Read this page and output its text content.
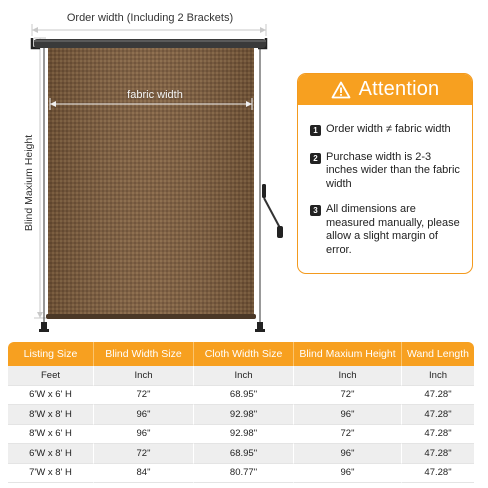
Order width (Including 2 Brackets)
fabric width
Blind Maxium Height
Attention
1 Order width ≠ fabric width
2 Purchase width is 2-3 inches wider than the fabric width
3 All dimensions are measured manually, please allow a slight margin of error.
Listing Size	Blind Width Size	Cloth Width Size	Blind Maxium Height	Wand Length
Feet	Inch	Inch	Inch	Inch
6'W x 6' H	72"	68.95"	72"	47.28"
8'W x 8' H	96"	92.98"	96"	47.28"
8'W x 6' H	96"	92.98"	72"	47.28"
6'W x 8' H	72"	68.95"	96"	47.28"
7'W x 8' H	84"	80.77"	96"	47.28"
